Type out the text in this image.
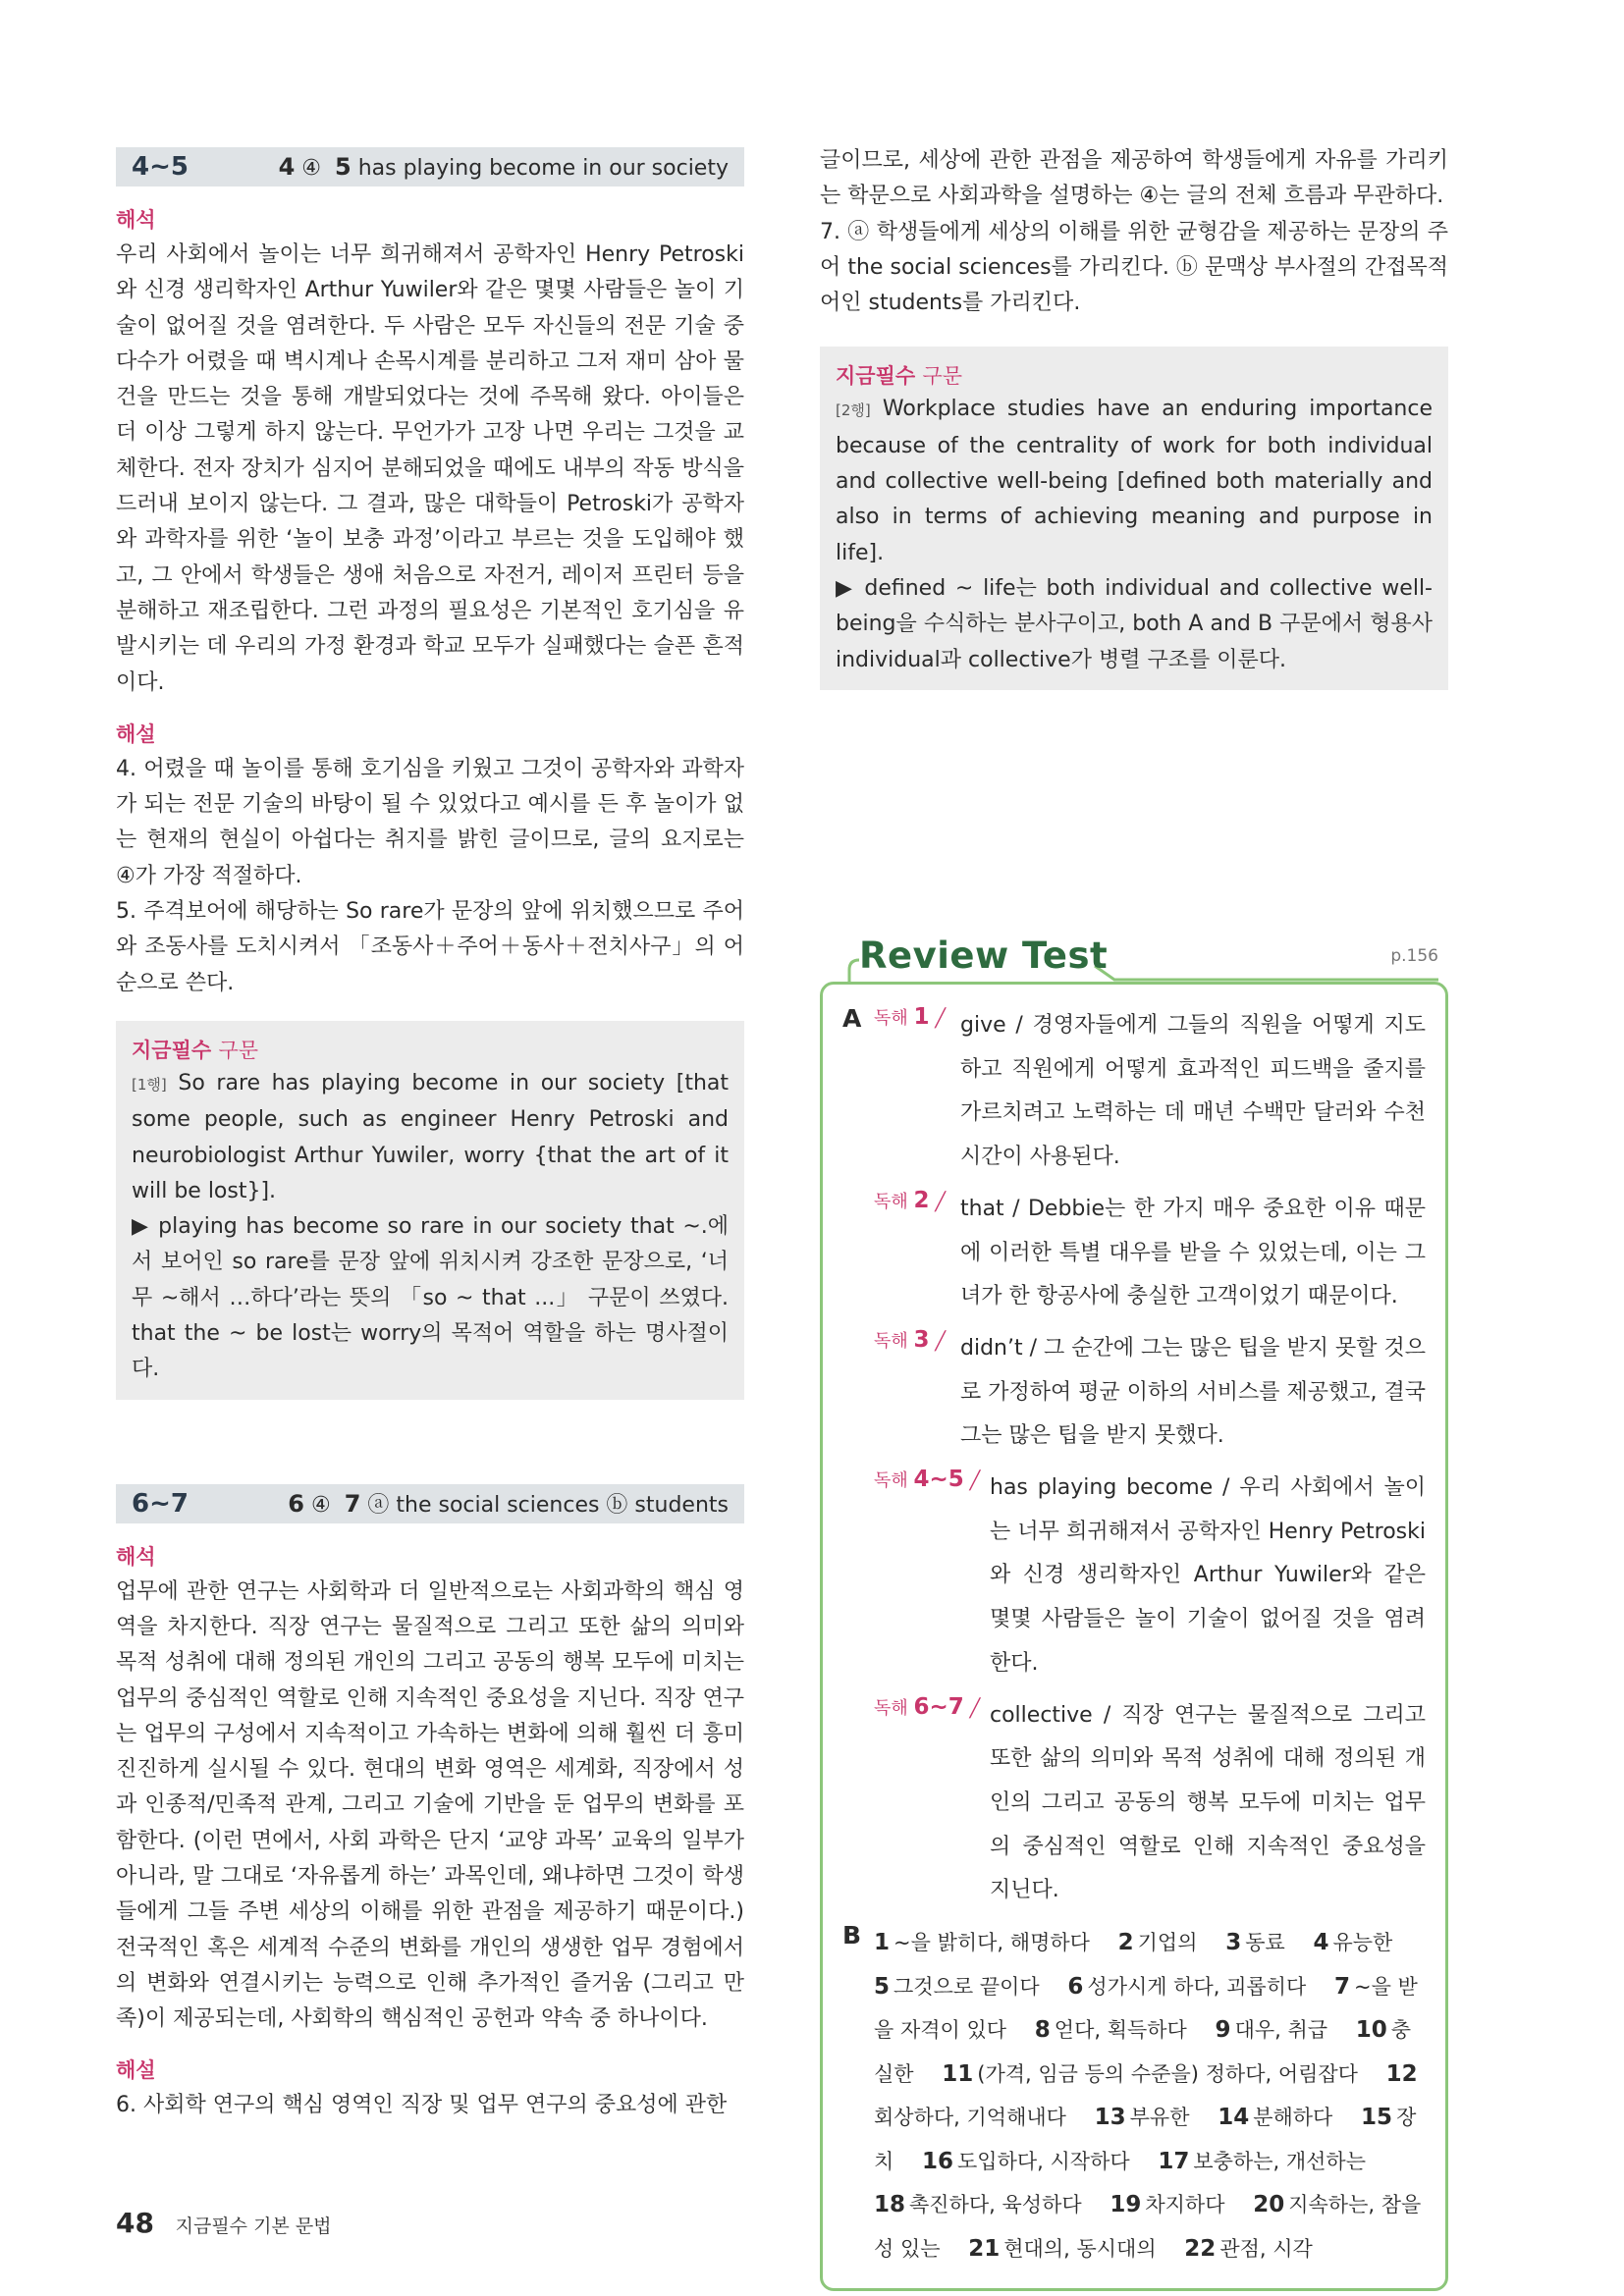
4~5	4 ④ 5 has playing become in our society
해석

우리 사회에서 놀이는 너무 희귀해져서 공학자인 Henry Petroski와 신경 생리학자인 Arthur Yuwiler와 같은 몇몇 사람들은 놀이 기술이 없어질 것을 염려한다. 두 사람은 모두 자신들의 전문 기술 중 다수가 어렸을 때 벽시계나 손목시계를 분리하고 그저 재미 삼아 물건을 만드는 것을 통해 개발되었다는 것에 주목해 왔다. 아이들은 더 이상 그렇게 하지 않는다. 무언가가 고장 나면 우리는 그것을 교체한다. 전자 장치가 심지어 분해되었을 때에도 내부의 작동 방식을 드러내 보이지 않는다. 그 결과, 많은 대학들이 Petroski가 공학자와 과학자를 위한 ‘놀이 보충 과정’이라고 부르는 것을 도입해야 했고, 그 안에서 학생들은 생애 처음으로 자전거, 레이저 프린터 등을 분해하고 재조립한다. 그런 과정의 필요성은 기본적인 호기심을 유발시키는 데 우리의 가정 환경과 학교 모두가 실패했다는 슬픈 흔적이다.

해설

4. 어렸을 때 놀이를 통해 호기심을 키웠고 그것이 공학자와 과학자가 되는 전문 기술의 바탕이 될 수 있었다고 예시를 든 후 놀이가 없는 현재의 현실이 아쉽다는 취지를 밝힌 글이므로, 글의 요지로는 ④가 가장 적절하다.
5. 주격보어에 해당하는 So rare가 문장의 앞에 위치했으므로 주어와 조동사를 도치시켜서 「조동사＋주어＋동사＋전치사구」의 어순으로 쓴다.

지금필수 구문

[1행] So rare has playing become in our society [that some people, such as engineer Henry Petroski and neurobiologist Arthur Yuwiler, worry {that the art of it will be lost}].

▶ playing has become so rare in our society that ~.에서 보어인 so rare를 문장 앞에 위치시켜 강조한 문장으로, ‘너무 ~해서 …하다’라는 뜻의 「so ~ that ...」 구문이 쓰였다. that the ~ be lost는 worry의 목적어 역할을 하는 명사절이다.

6~7	6 ④ 7 ⓐ the social sciences ⓑ students
해석

업무에 관한 연구는 사회학과 더 일반적으로는 사회과학의 핵심 영역을 차지한다. 직장 연구는 물질적으로 그리고 또한 삶의 의미와 목적 성취에 대해 정의된 개인의 그리고 공동의 행복 모두에 미치는 업무의 중심적인 역할로 인해 지속적인 중요성을 지닌다. 직장 연구는 업무의 구성에서 지속적이고 가속하는 변화에 의해 훨씬 더 흥미진진하게 실시될 수 있다. 현대의 변화 영역은 세계화, 직장에서 성과 인종적/민족적 관계, 그리고 기술에 기반을 둔 업무의 변화를 포함한다. (이런 면에서, 사회 과학은 단지 ‘교양 과목’ 교육의 일부가 아니라, 말 그대로 ‘자유롭게 하는’ 과목인데, 왜냐하면 그것이 학생들에게 그들 주변 세상의 이해를 위한 관점을 제공하기 때문이다.) 전국적인 혹은 세계적 수준의 변화를 개인의 생생한 업무 경험에서의 변화와 연결시키는 능력으로 인해 추가적인 즐거움 (그리고 만족)이 제공되는데, 사회학의 핵심적인 공헌과 약속 중 하나이다.

해설

6. 사회학 연구의 핵심 영역인 직장 및 업무 연구의 중요성에 관한

글이므로, 세상에 관한 관점을 제공하여 학생들에게 자유를 가리키는 학문으로 사회과학을 설명하는 ④는 글의 전체 흐름과 무관하다.
7. ⓐ 학생들에게 세상의 이해를 위한 균형감을 제공하는 문장의 주어 the social sciences를 가리킨다. ⓑ 문맥상 부사절의 간접목적어인 students를 가리킨다.

지금필수 구문

[2행] Workplace studies have an enduring importance because of the centrality of work for both individual and collective well-being [defined both materially and also in terms of achieving meaning and purpose in life].

▶ defined ~ life는 both individual and collective well-being을 수식하는 분사구이고, both A and B 구문에서 형용사 individual과 collective가 병렬 구조를 이룬다.

Review Test	p.156
A 독해 1 ╱ give / 경영자들에게 그들의 직원을 어떻게 지도하고 직원에게 어떻게 효과적인 피드백을 줄지를 가르치려고 노력하는 데 매년 수백만 달러와 수천 시간이 사용된다.
독해 2 ╱ that / Debbie는 한 가지 매우 중요한 이유 때문에 이러한 특별 대우를 받을 수 있었는데, 이는 그녀가 한 항공사에 충실한 고객이었기 때문이다.
독해 3 ╱ didn’t / 그 순간에 그는 많은 팁을 받지 못할 것으로 가정하여 평균 이하의 서비스를 제공했고, 결국 그는 많은 팁을 받지 못했다.
독해 4~5 ╱ has playing become / 우리 사회에서 놀이는 너무 희귀해져서 공학자인 Henry Petroski와 신경 생리학자인 Arthur Yuwiler와 같은 몇몇 사람들은 놀이 기술이 없어질 것을 염려한다.
독해 6~7 ╱ collective / 직장 연구는 물질적으로 그리고 또한 삶의 의미와 목적 성취에 대해 정의된 개인의 그리고 공동의 행복 모두에 미치는 업무의 중심적인 역할로 인해 지속적인 중요성을 지닌다.
B 1 ~을 밝히다, 해명하다 2 기업의 3 동료 4 유능한 5 그것으로 끝이다 6 성가시게 하다, 괴롭히다 7 ~을 받을 자격이 있다 8 얻다, 획득하다 9 대우, 취급 10 충실한 11 (가격, 임금 등의 수준을) 정하다, 어림잡다 12회상하다, 기억해내다 13 부유한 14 분해하다 15 장치 16 도입하다, 시작하다 17 보충하는, 개선하는 18 촉진하다, 육성하다 19 차지하다 20 지속하는, 참을성 있는 21 현대의, 동시대의 22 관점, 시각
48 지금필수 기본 문법
